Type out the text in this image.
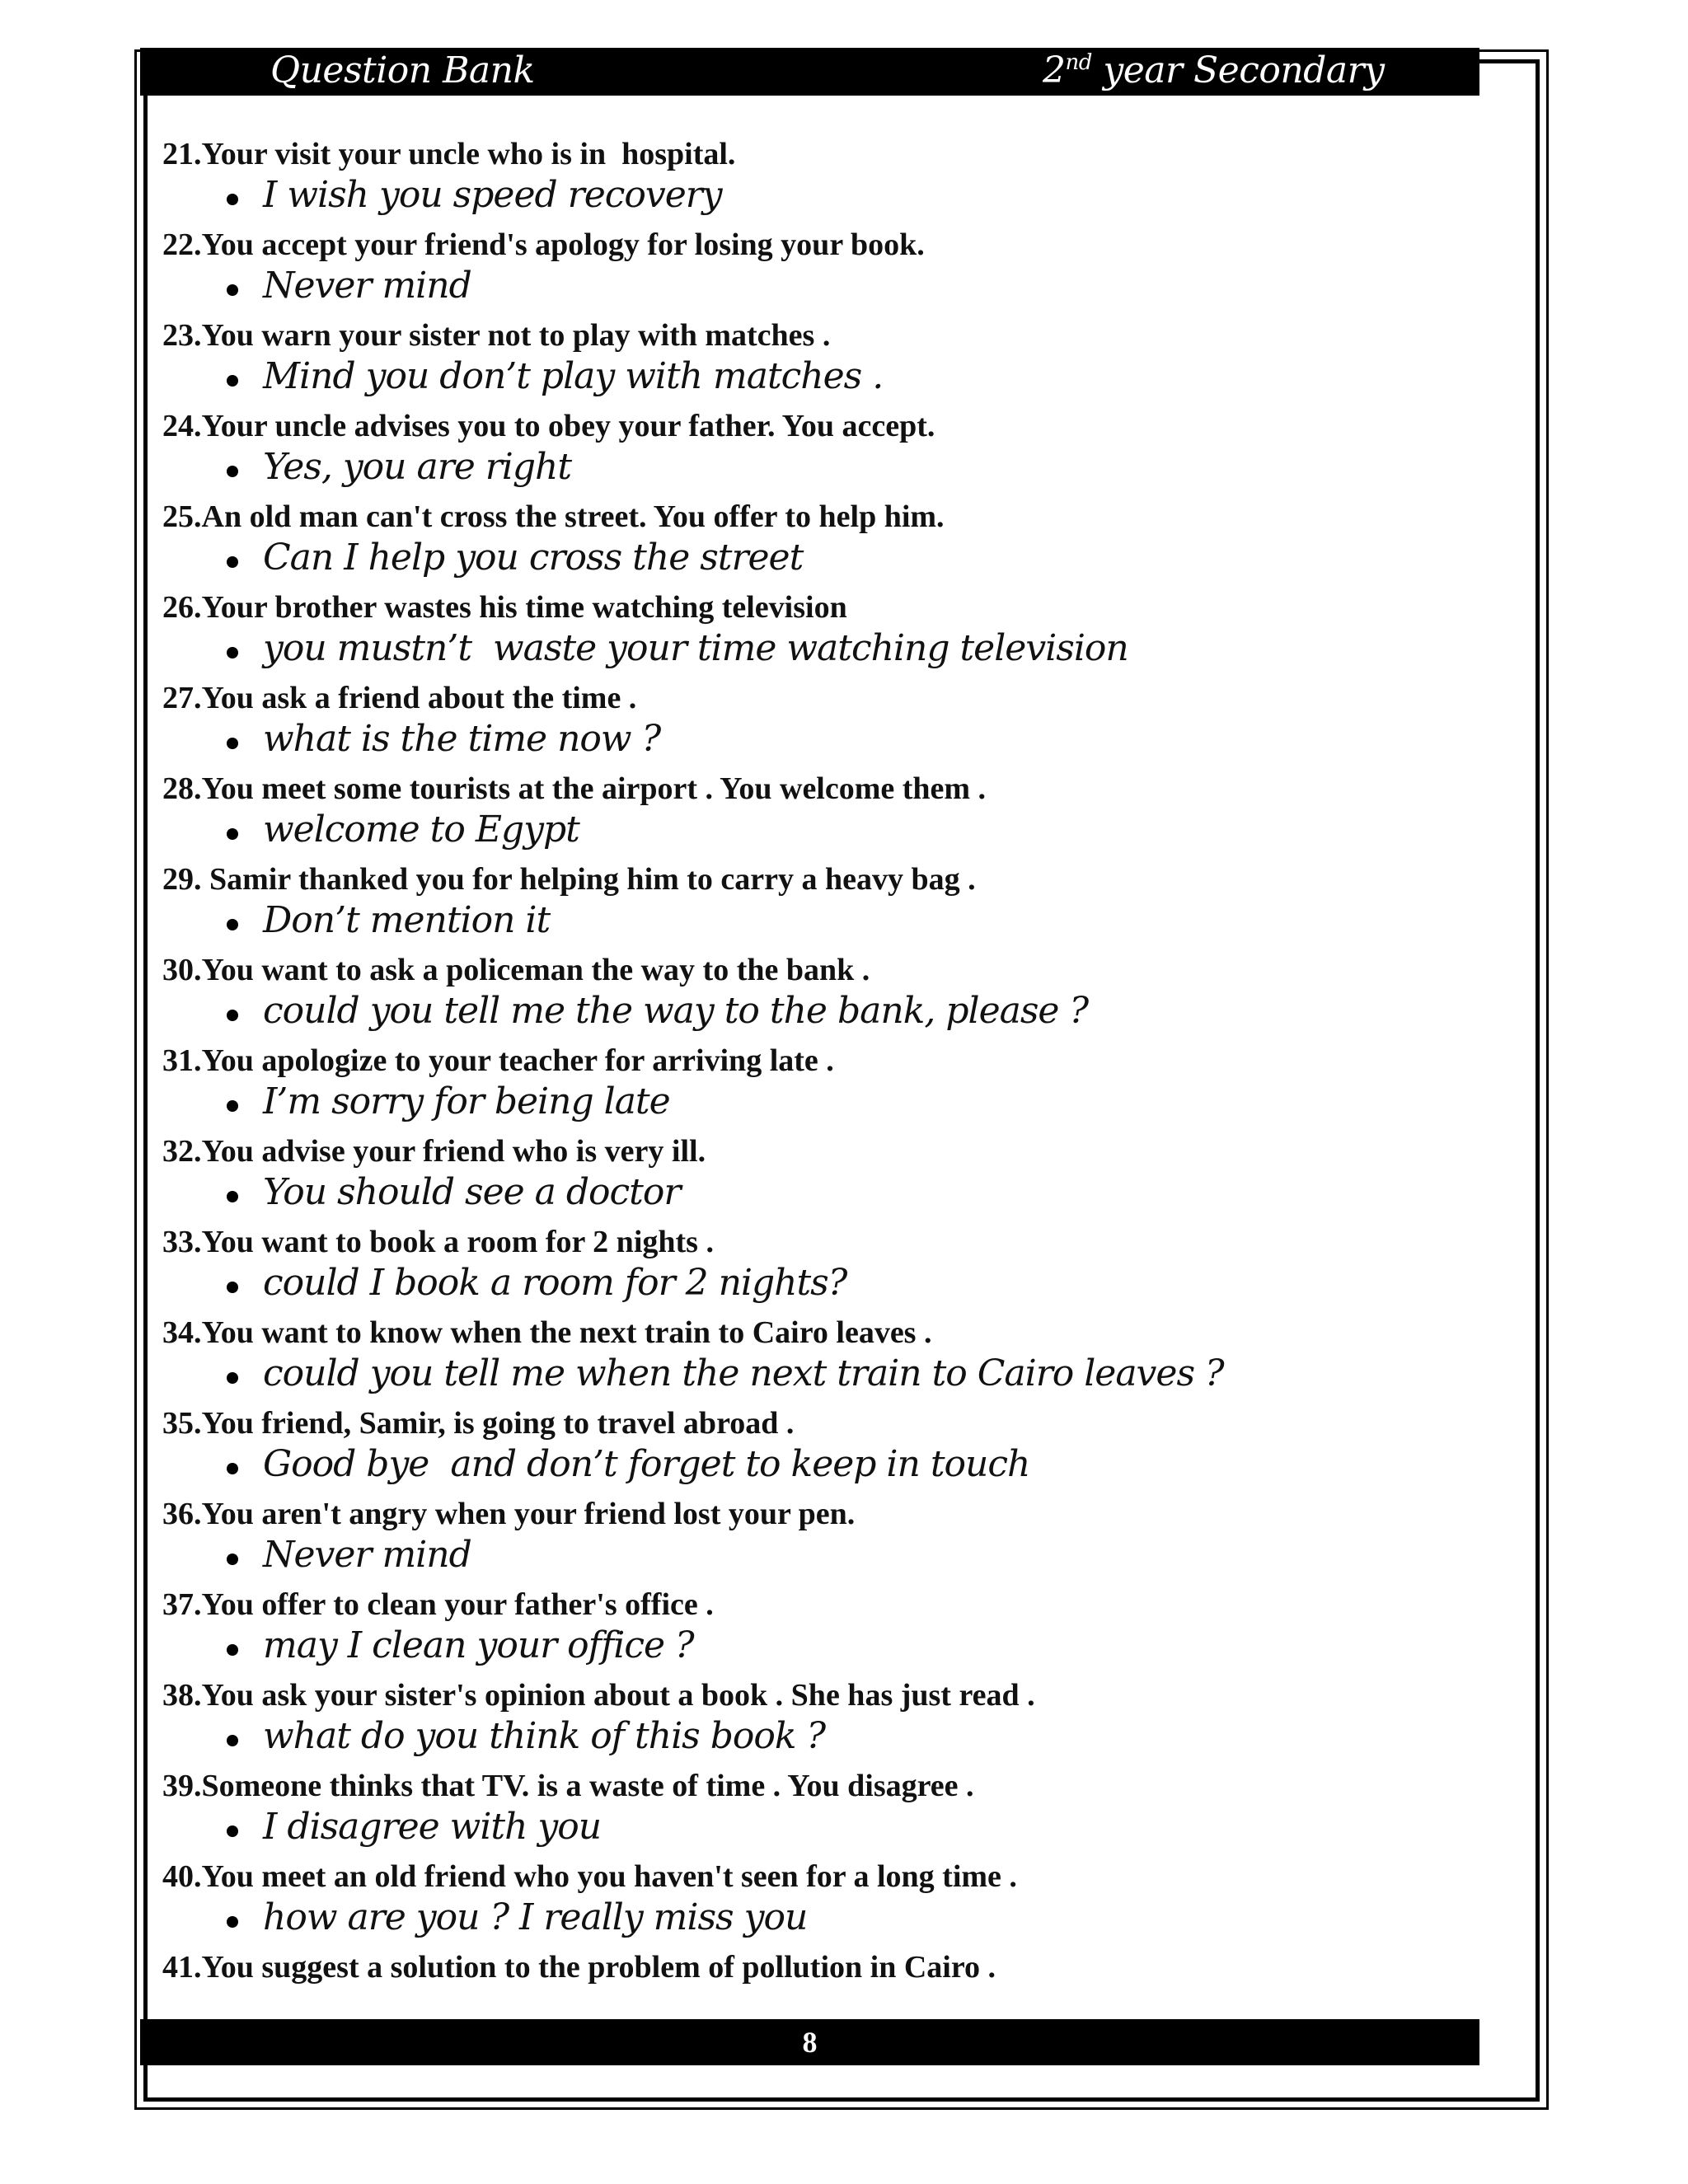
Question Bank	2nd year Secondary
21.Your visit your uncle who is in  hospital.
I wish you speed recovery
22.You accept your friend's apology for losing your book.
Never mind
23.You warn your sister not to play with matches .
Mind you don’t play with matches .
24.Your uncle advises you to obey your father. You accept.
Yes, you are right
25.An old man can't cross the street. You offer to help him.
Can I help you cross the street
26.Your brother wastes his time watching television
you mustn’t  waste your time watching television
27.You ask a friend about the time .
what is the time now ?
28.You meet some tourists at the airport . You welcome them .
welcome to Egypt
29. Samir thanked you for helping him to carry a heavy bag .
Don’t mention it
30.You want to ask a policeman the way to the bank .
could you tell me the way to the bank, please ?
31.You apologize to your teacher for arriving late .
I’m sorry for being late
32.You advise your friend who is very ill.
You should see a doctor
33.You want to book a room for 2 nights .
could I book a room for 2 nights?
34.You want to know when the next train to Cairo leaves .
could you tell me when the next train to Cairo leaves ?
35.You friend, Samir, is going to travel abroad .
Good bye  and don’t forget to keep in touch
36.You aren't angry when your friend lost your pen.
Never mind
37.You offer to clean your father's office .
may I clean your office ?
38.You ask your sister's opinion about a book . She has just read .
what do you think of this book ?
39.Someone thinks that TV. is a waste of time . You disagree .
I disagree with you
40.You meet an old friend who you haven't seen for a long time .
how are you ? I really miss you
41.You suggest a solution to the problem of pollution in Cairo .
8
